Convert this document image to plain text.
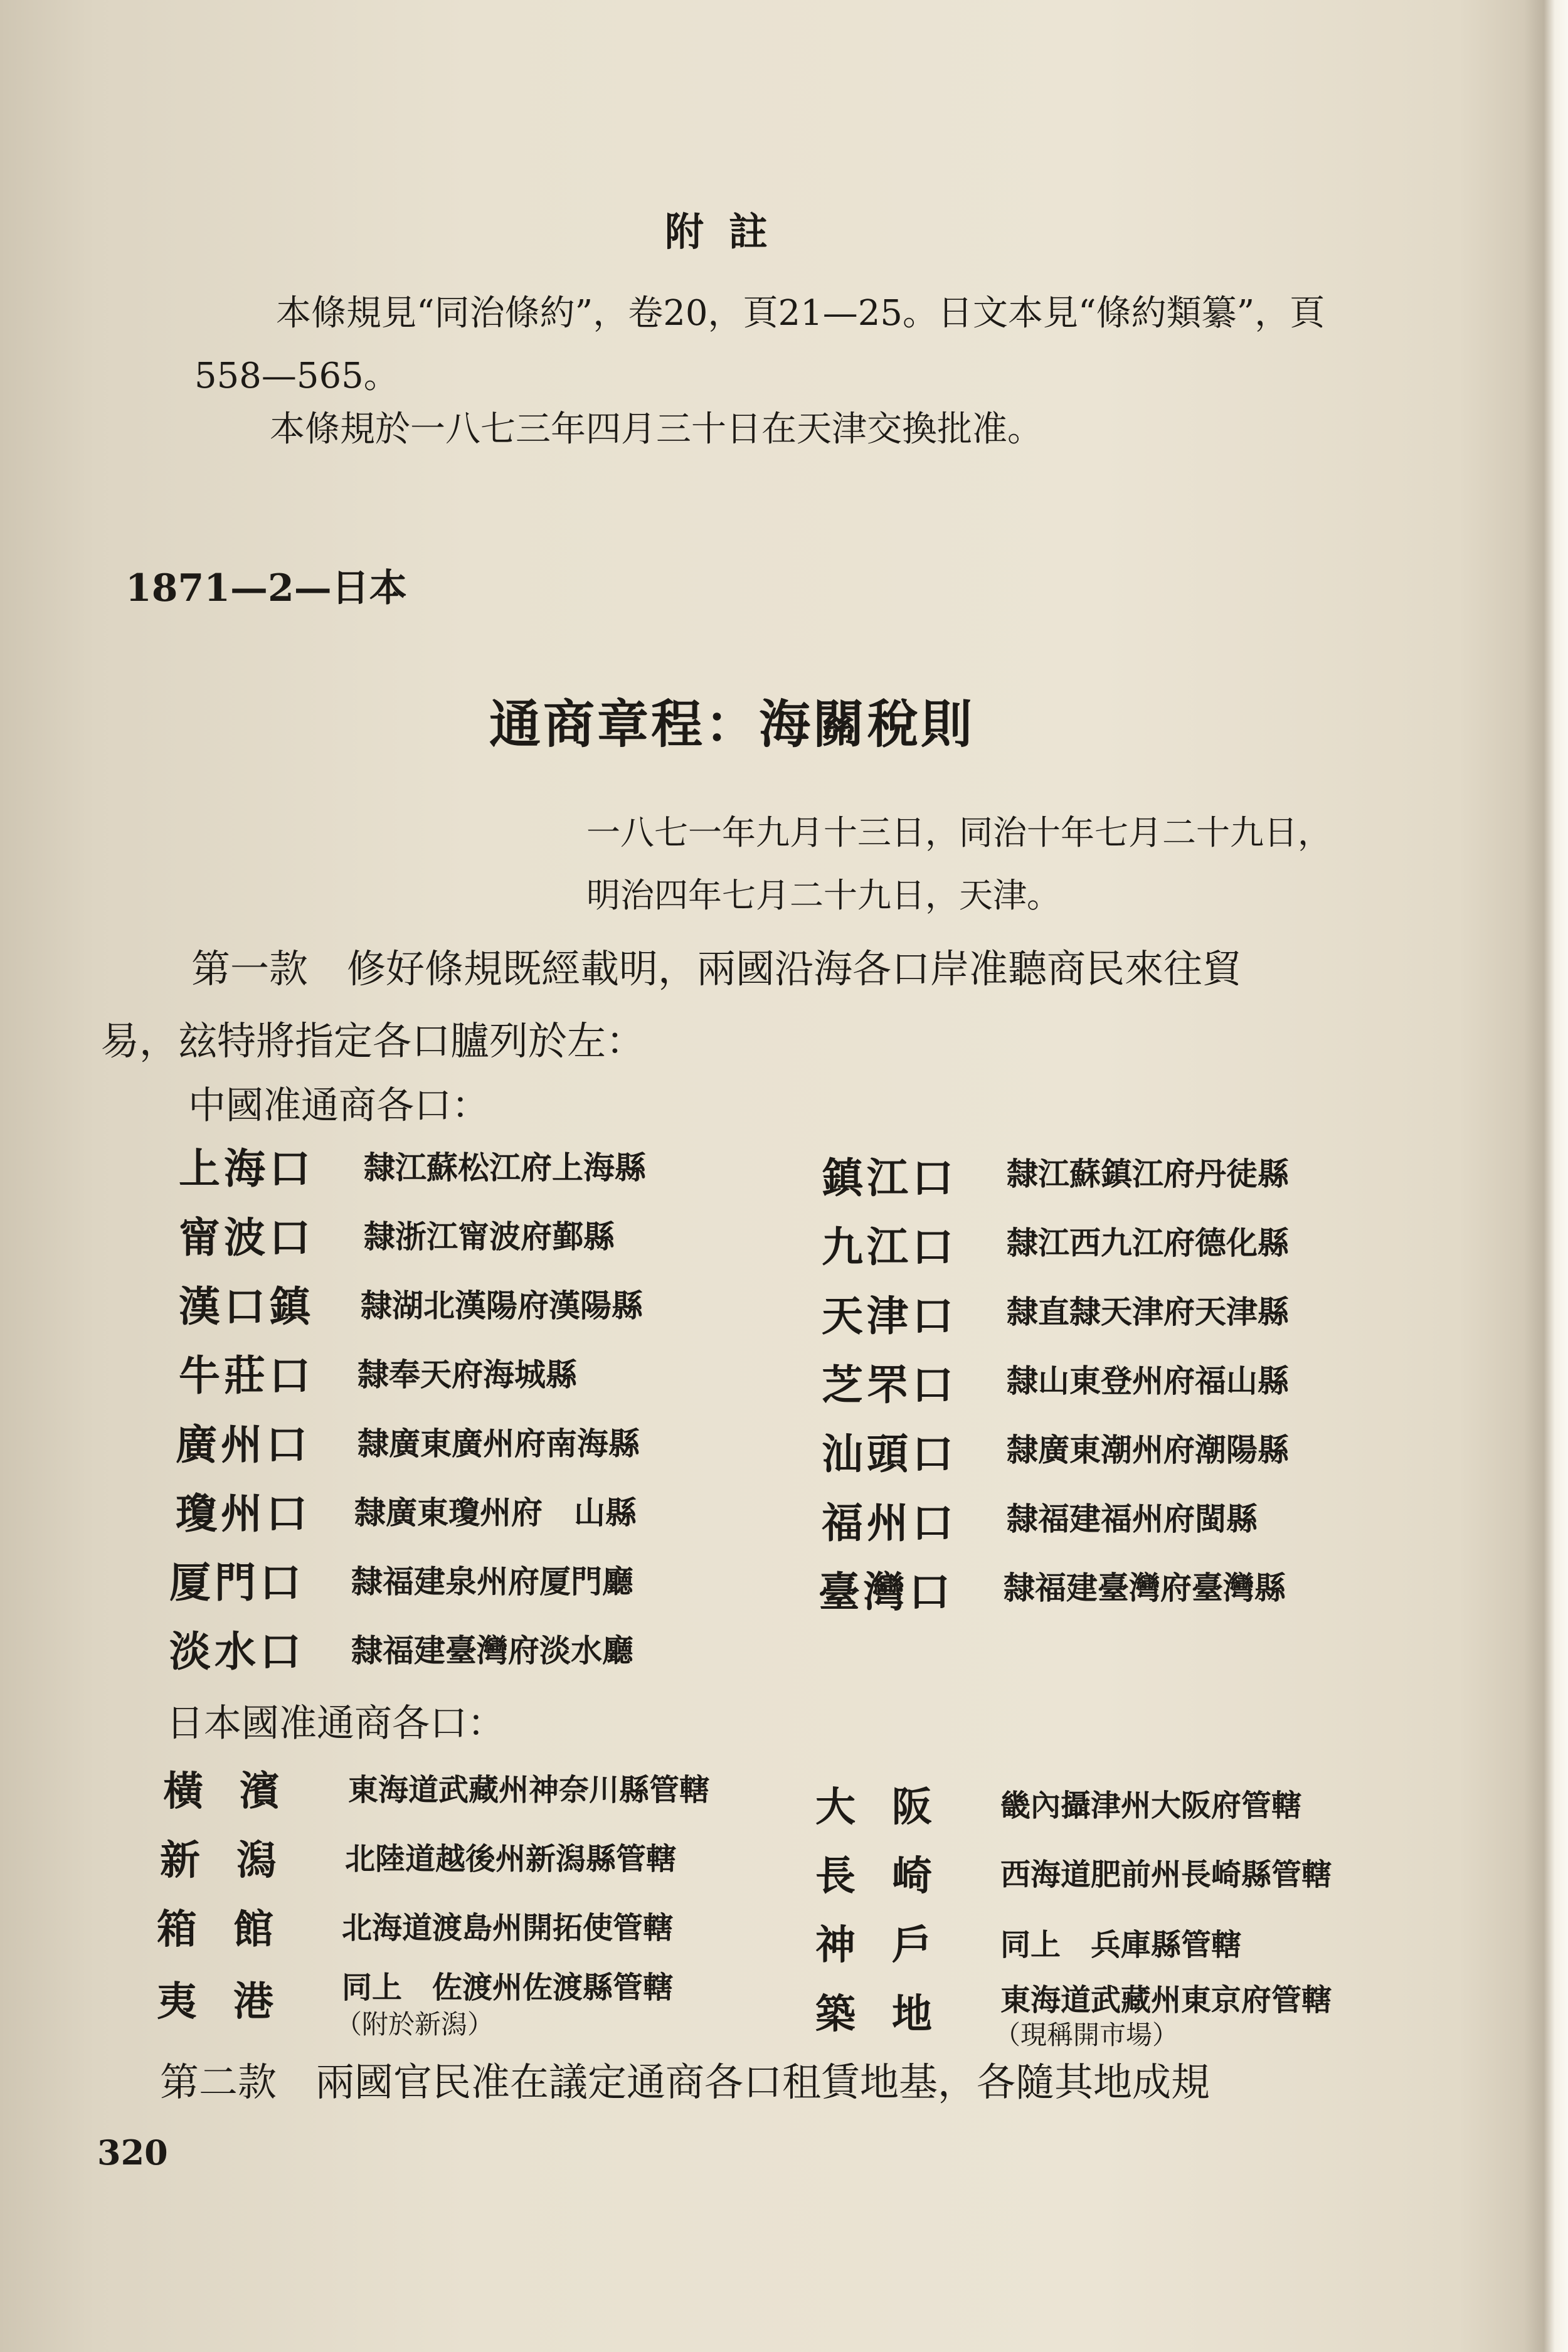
附註
本條規見“同治條約”，卷20，頁21—25。日文本見“條約類纂”，頁
558—565。
本條規於一八七三年四月三十日在天津交換批准。
1871—2—日本
通商章程：海關稅則
一八七一年九月十三日，同治十年七月二十九日，
明治四年七月二十九日，天津。
第一款　修好條規既經載明，兩國沿海各口岸准聽商民來往貿
易，玆特將指定各口臚列於左：
中國准通商各口：
上海口 隸江蘇松江府上海縣
甯波口 隸浙江甯波府鄞縣
漢口鎮 隸湖北漢陽府漢陽縣
牛莊口 隸奉天府海城縣
廣州口 隸廣東廣州府南海縣
瓊州口 隸廣東瓊州府　山縣
厦門口 隸福建泉州府厦門廳
淡水口 隸福建臺灣府淡水廳
鎮江口 隸江蘇鎮江府丹徒縣
九江口 隸江西九江府德化縣
天津口 隸直隸天津府天津縣
芝罘口 隸山東登州府福山縣
汕頭口 隸廣東潮州府潮陽縣
福州口 隸福建福州府閩縣
臺灣口 隸福建臺灣府臺灣縣
日本國准通商各口：
橫濱 東海道武藏州神奈川縣管轄
新潟 北陸道越後州新潟縣管轄
箱館 北海道渡島州開拓使管轄
夷港 同上　佐渡州佐渡縣管轄
（附於新潟）
大阪 畿內攝津州大阪府管轄
長崎 西海道肥前州長崎縣管轄
神戶 同上　兵庫縣管轄
築地 東海道武藏州東京府管轄
（現稱開市場）
第二款　兩國官民准在議定通商各口租賃地基，各隨其地成規
320
